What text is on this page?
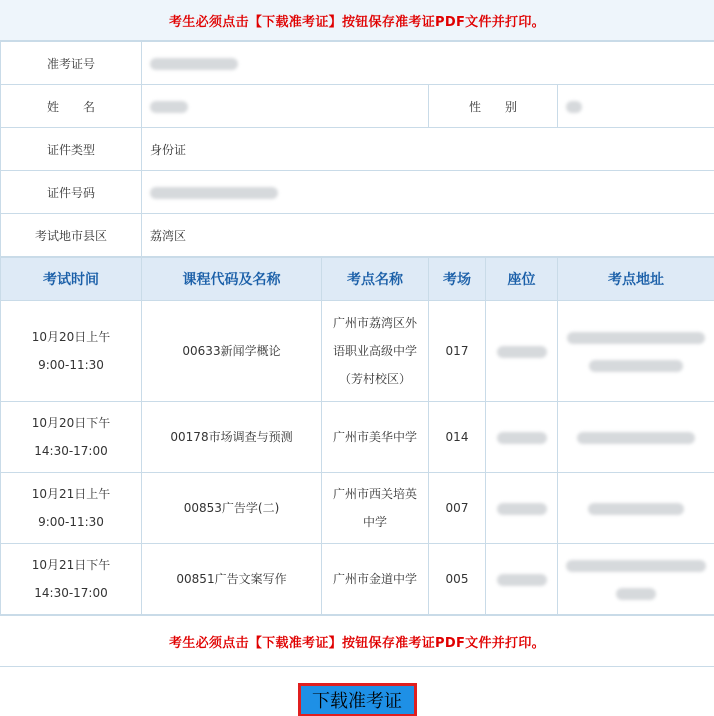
考生必须点击【下载准考证】按钮保存准考证PDF文件并打印。
准考证号			
姓　　名		性　　别	
证件类型	身份证		
证件号码			
考试地市县区	荔湾区		
考试时间	课程代码及名称	考点名称	考场	座位	考点地址
10月20日上午
9:00-11:30	00633新闻学概论	广州市荔湾区外语职业高级中学（芳村校区）	017		

10月20日下午
14:30-17:00	00178市场调查与预测	广州市美华中学	014		
10月21日上午
9:00-11:30	00853广告学(二)	广州市西关培英中学	007		
10月21日下午
14:30-17:00	00851广告文案写作	广州市金道中学	005		

考生必须点击【下载准考证】按钮保存准考证PDF文件并打印。
下载准考证
